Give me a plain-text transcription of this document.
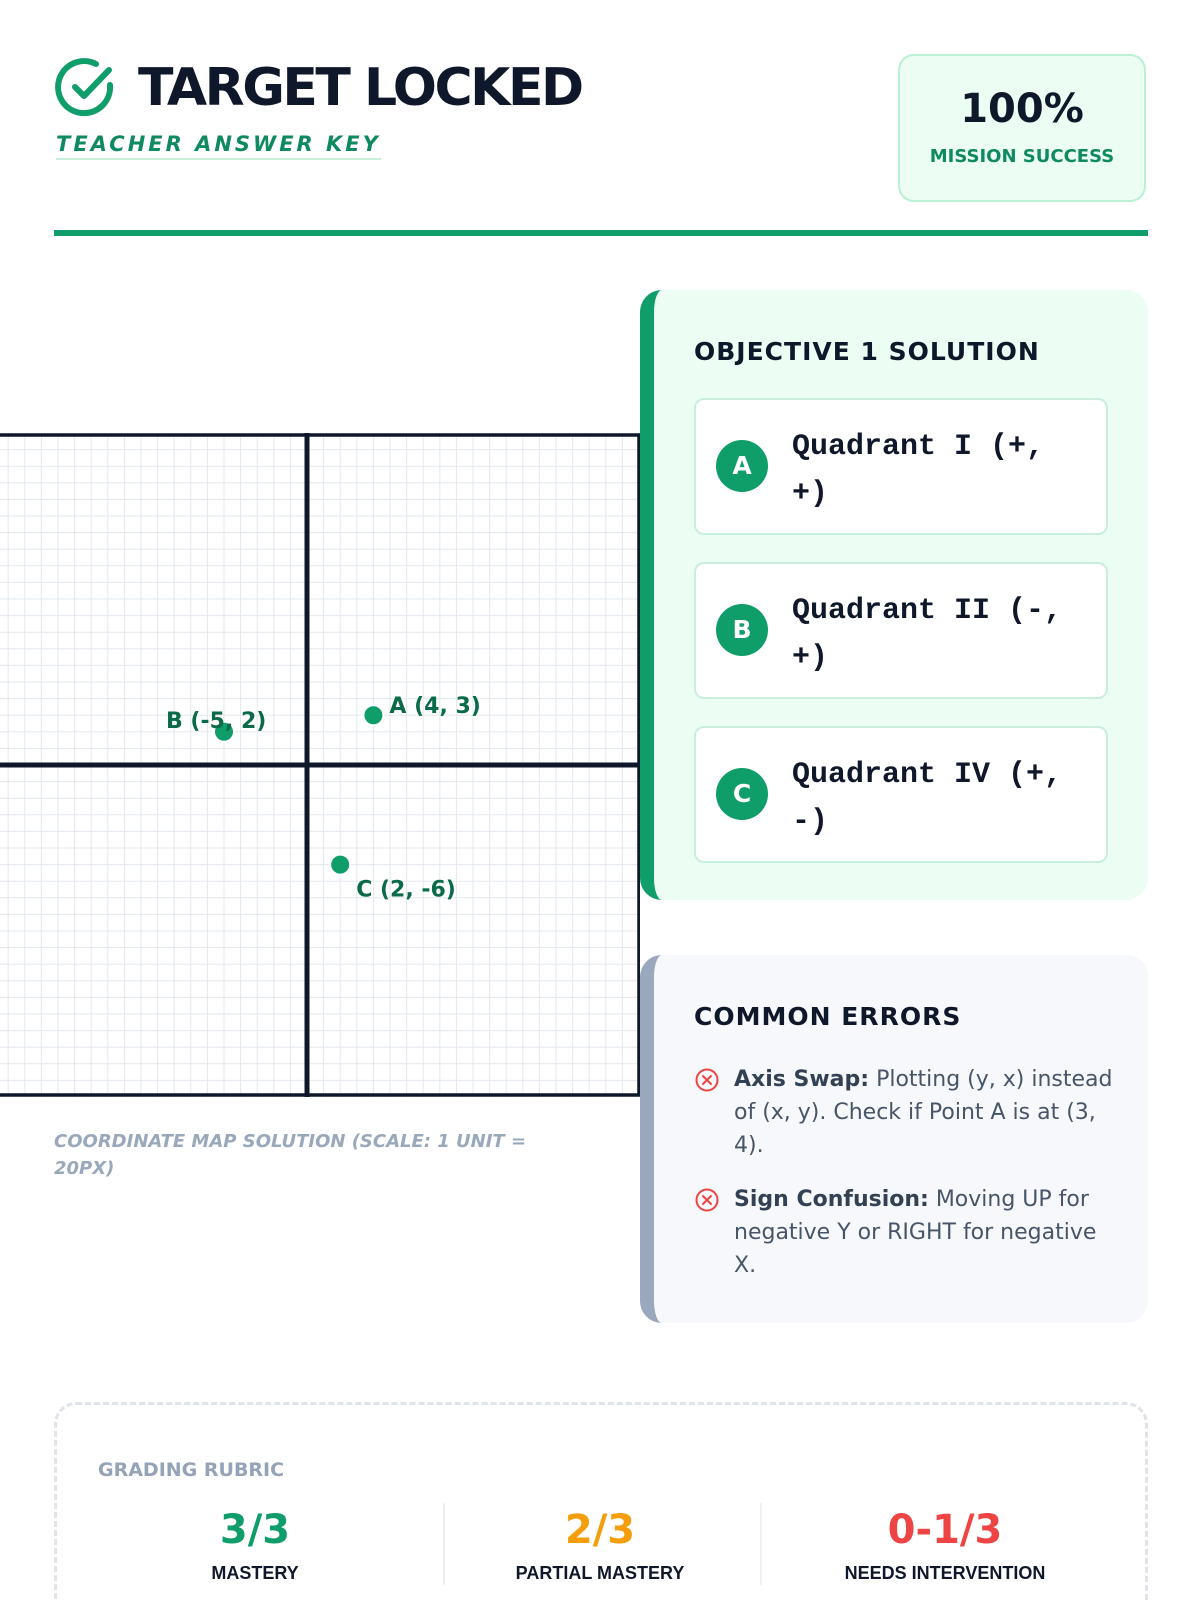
TARGET LOCKED
TEACHER ANSWER KEY
100%
MISSION SUCCESS
A (4, 3)
B (-5, 2)
C (2, -6)
COORDINATE MAP SOLUTION (SCALE: 1 UNIT = 20PX)
OBJECTIVE 1 SOLUTION
A
Quadrant I (+, +)
B
Quadrant II (-, +)
C
Quadrant IV (+, -)
COMMON ERRORS
Axis Swap: Plotting (y, x) instead of (x, y). Check if Point A is at (3, 4).
Sign Confusion: Moving UP for negative Y or RIGHT for negative X.
GRADING RUBRIC
3/3
MASTERY
2/3
PARTIAL MASTERY
0-1/3
NEEDS INTERVENTION
